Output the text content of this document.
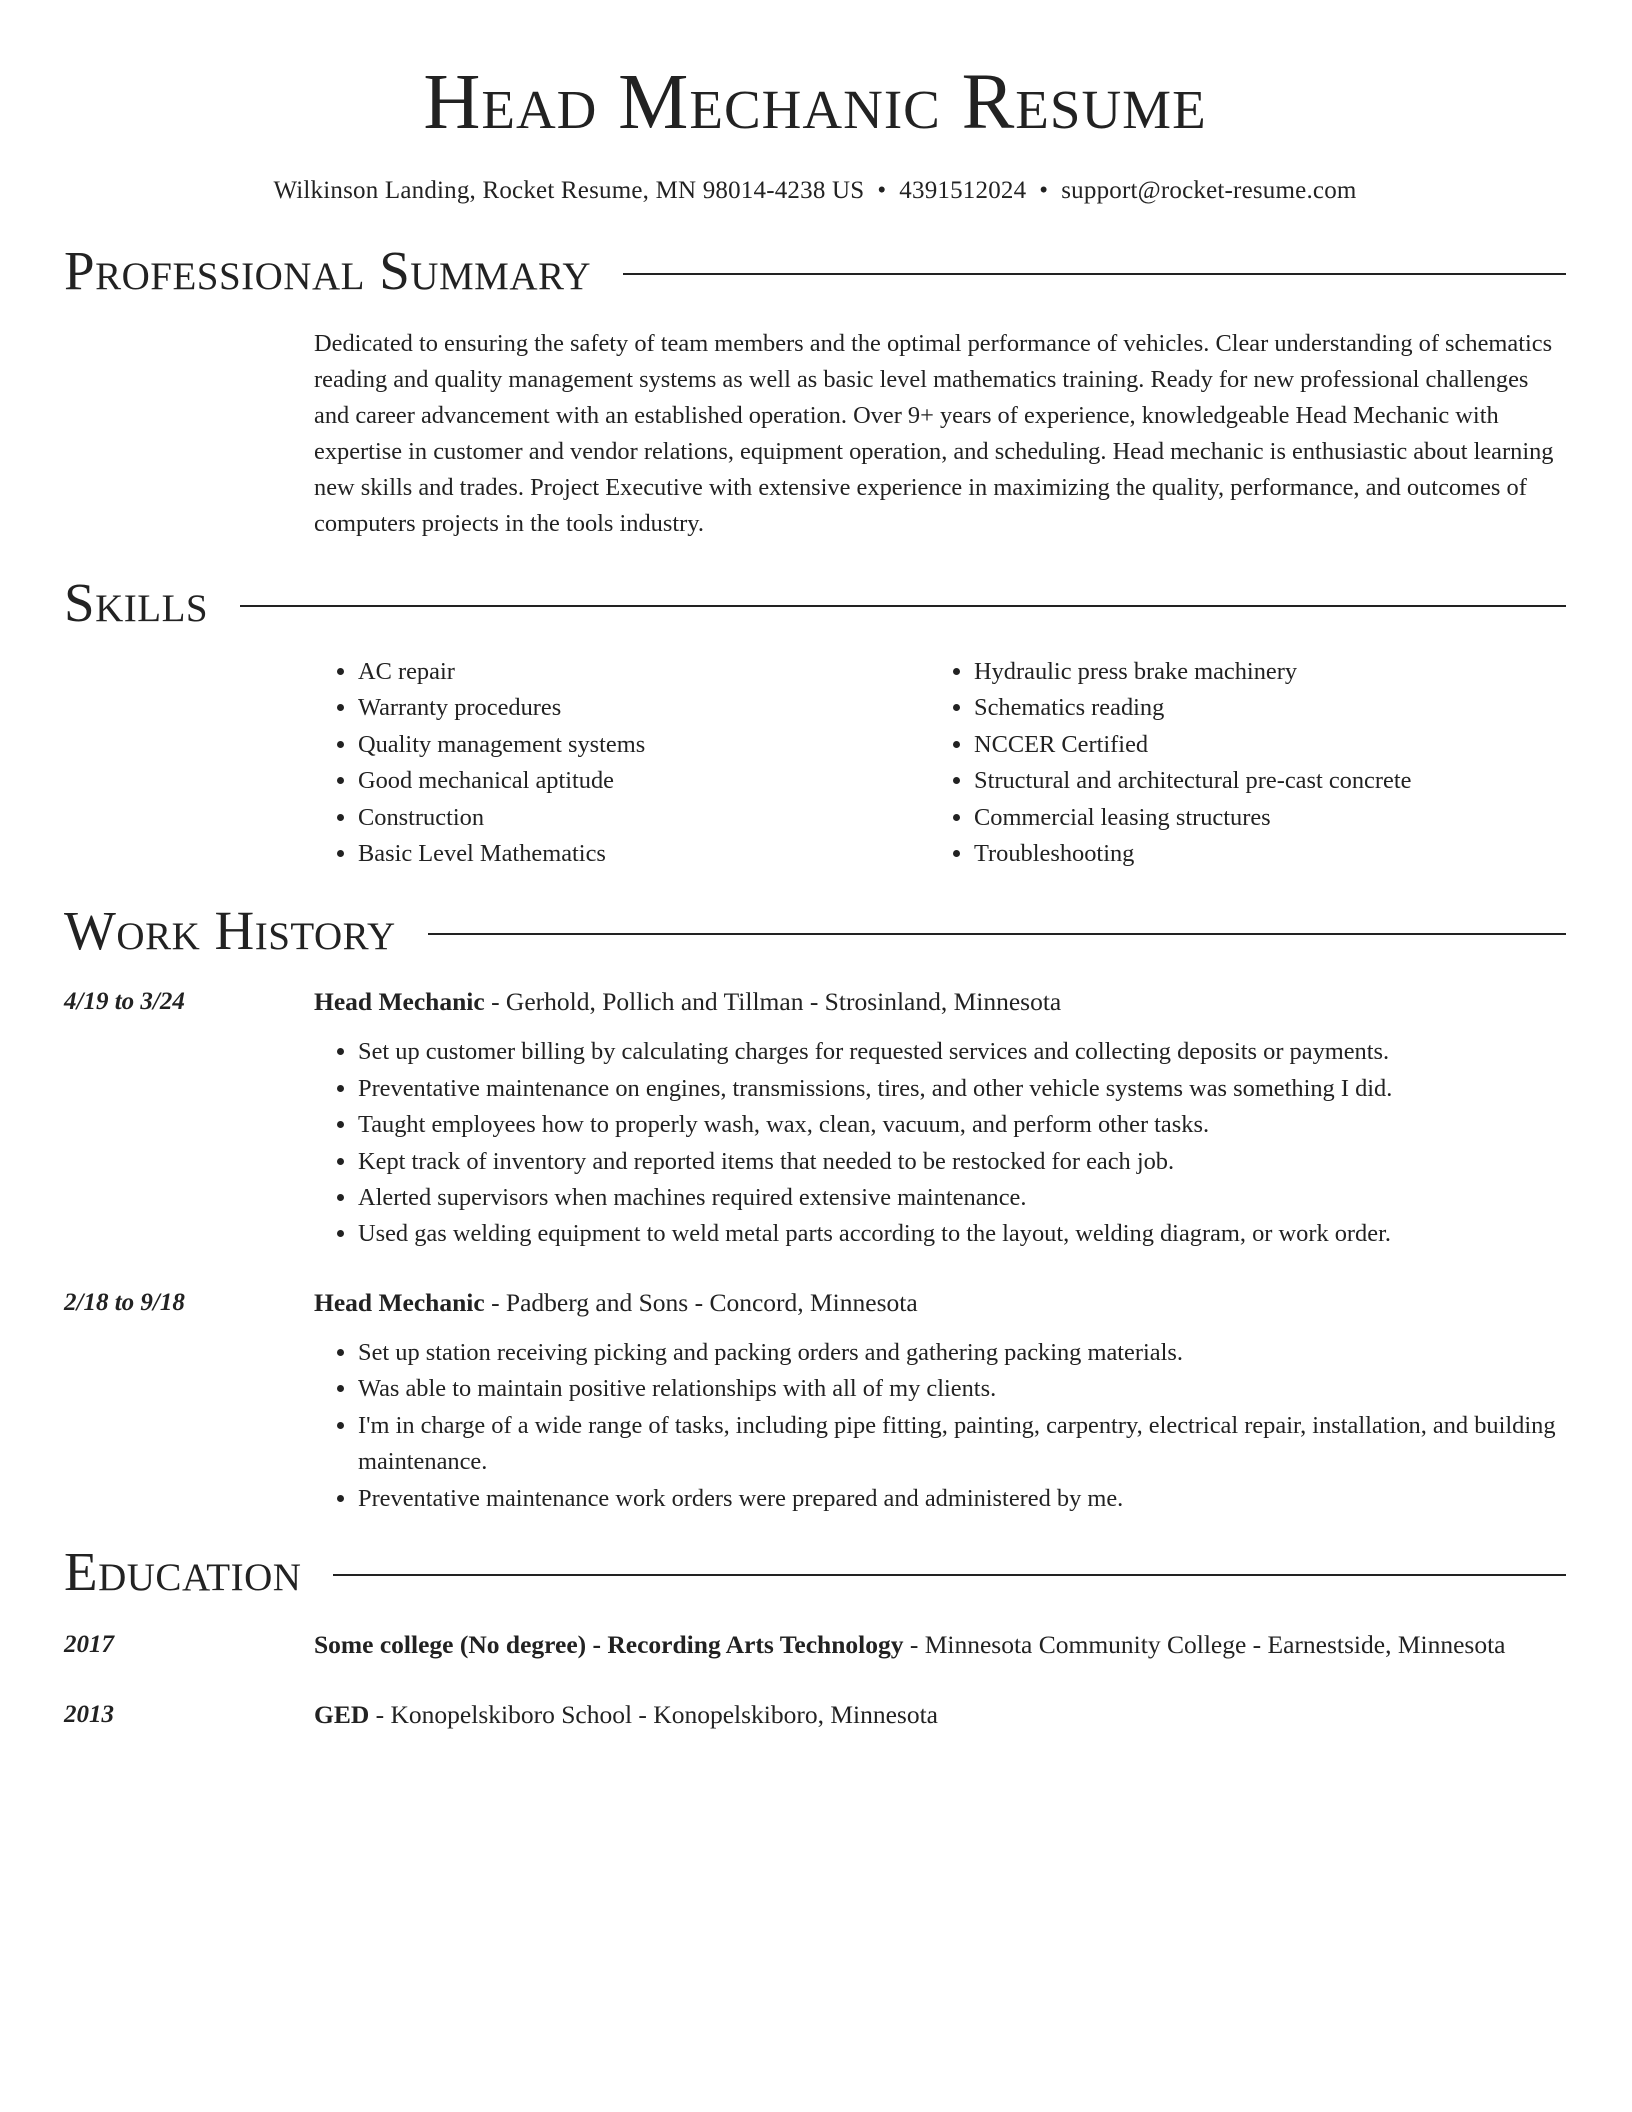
Head Mechanic Resume
Wilkinson Landing, Rocket Resume, MN 98014-4238 US • 4391512024 • support@rocket-resume.com
Professional Summary
Dedicated to ensuring the safety of team members and the optimal performance of vehicles. Clear understanding of schematics reading and quality management systems as well as basic level mathematics training. Ready for new professional challenges and career advancement with an established operation. Over 9+ years of experience, knowledgeable Head Mechanic with expertise in customer and vendor relations, equipment operation, and scheduling. Head mechanic is enthusiastic about learning new skills and trades. Project Executive with extensive experience in maximizing the quality, performance, and outcomes of computers projects in the tools industry.
Skills
• AC repair
• Warranty procedures
• Quality management systems
• Good mechanical aptitude
• Construction
• Basic Level Mathematics
• Hydraulic press brake machinery
• Schematics reading
• NCCER Certified
• Structural and architectural pre-cast concrete
• Commercial leasing structures
• Troubleshooting
Work History
4/19 to 3/24	Head Mechanic - Gerhold, Pollich and Tillman - Strosinland, Minnesota
• Set up customer billing by calculating charges for requested services and collecting deposits or payments.
• Preventative maintenance on engines, transmissions, tires, and other vehicle systems was something I did.
• Taught employees how to properly wash, wax, clean, vacuum, and perform other tasks.
• Kept track of inventory and reported items that needed to be restocked for each job.
• Alerted supervisors when machines required extensive maintenance.
• Used gas welding equipment to weld metal parts according to the layout, welding diagram, or work order.
2/18 to 9/18	Head Mechanic - Padberg and Sons - Concord, Minnesota
• Set up station receiving picking and packing orders and gathering packing materials.
• Was able to maintain positive relationships with all of my clients.
• I'm in charge of a wide range of tasks, including pipe fitting, painting, carpentry, electrical repair, installation, and building maintenance.
• Preventative maintenance work orders were prepared and administered by me.
Education
2017	Some college (No degree) - Recording Arts Technology - Minnesota Community College - Earnestside, Minnesota
2013	GED - Konopelskiboro School - Konopelskiboro, Minnesota
